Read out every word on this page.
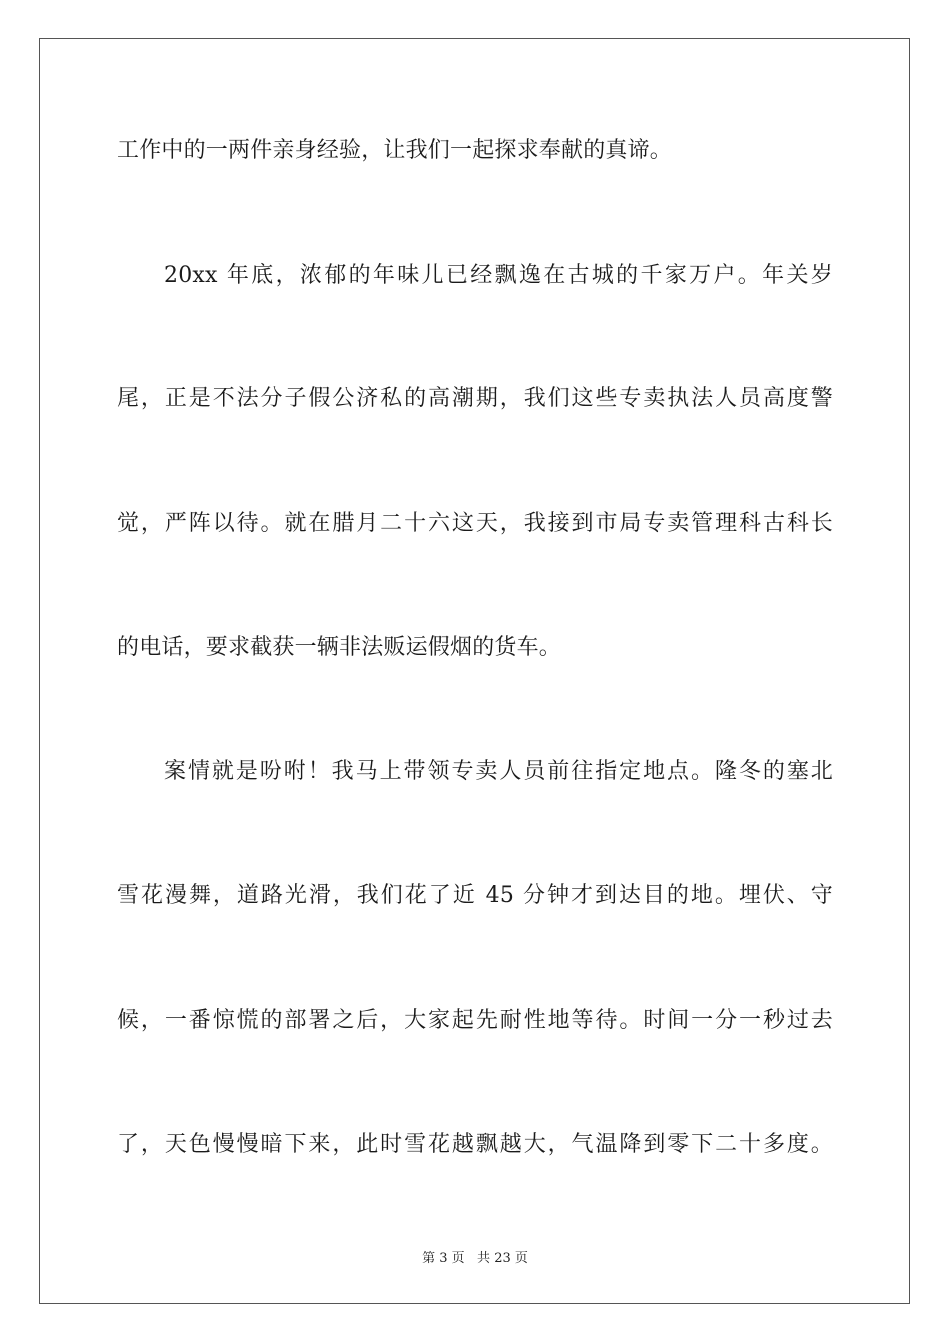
工作中的一两件亲身经验，让我们一起探求奉献的真谛。
20xx 年底，浓郁的年味儿已经飘逸在古城的千家万户。年关岁
尾，正是不法分子假公济私的高潮期，我们这些专卖执法人员高度警
觉，严阵以待。就在腊月二十六这天，我接到市局专卖管理科古科长
的电话，要求截获一辆非法贩运假烟的货车。
案情就是吩咐！我马上带领专卖人员前往指定地点。隆冬的塞北
雪花漫舞，道路光滑，我们花了近 45 分钟才到达目的地。埋伏、守
候，一番惊慌的部署之后，大家起先耐性地等待。时间一分一秒过去
了，天色慢慢暗下来，此时雪花越飘越大，气温降到零下二十多度。
第 3 页   共 23 页
